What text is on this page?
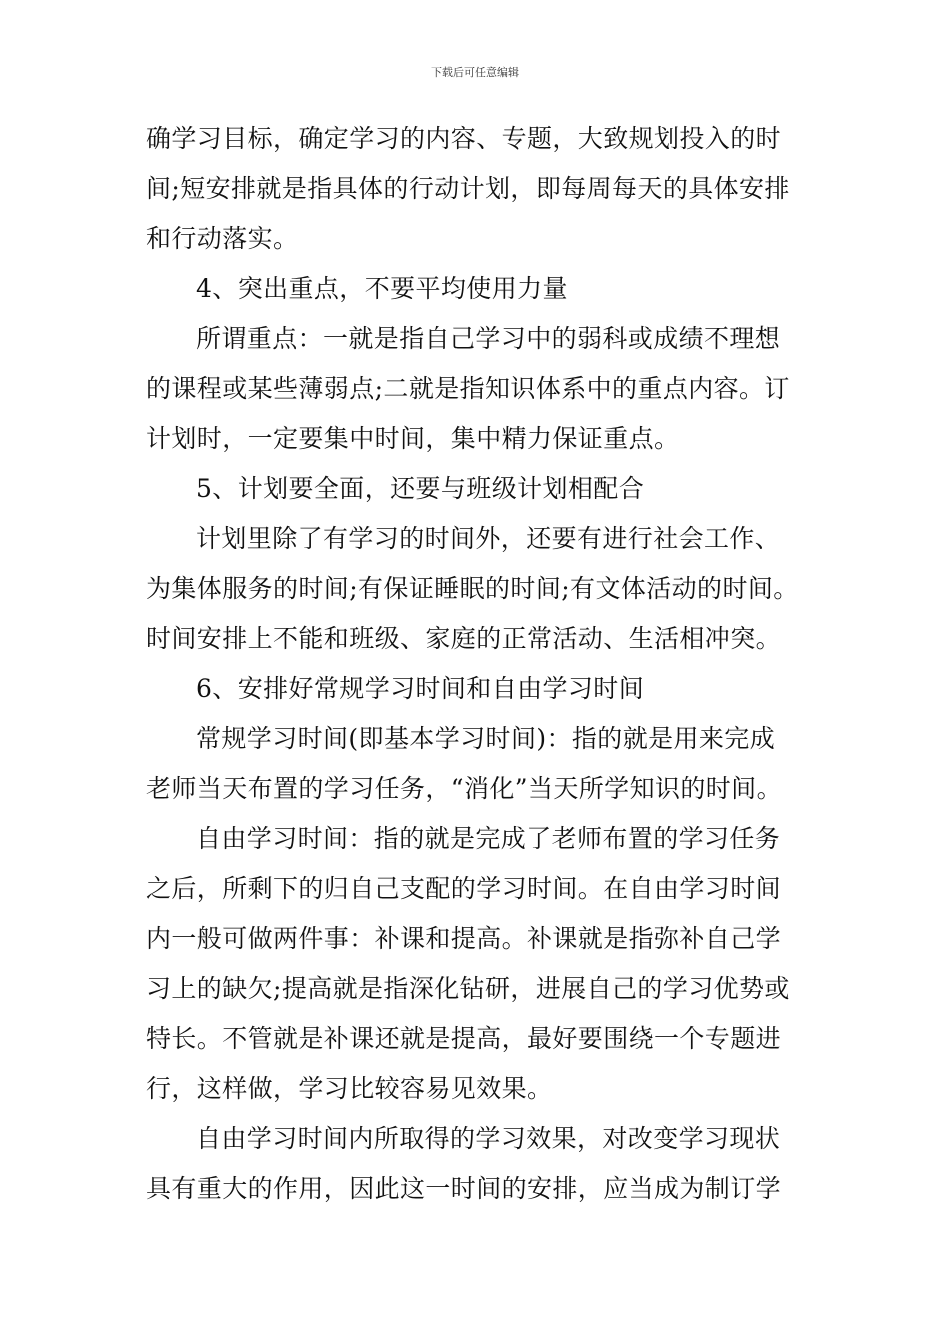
下载后可任意编辑
确学习目标，确定学习的内容、专题，大致规划投入的时
间;短安排就是指具体的行动计划，即每周每天的具体安排
和行动落实。
4、突出重点，不要平均使用力量
所谓重点：一就是指自己学习中的弱科或成绩不理想
的课程或某些薄弱点;二就是指知识体系中的重点内容。订
计划时，一定要集中时间，集中精力保证重点。
5、计划要全面，还要与班级计划相配合
计划里除了有学习的时间外，还要有进行社会工作、
为集体服务的时间;有保证睡眠的时间;有文体活动的时间。
时间安排上不能和班级、家庭的正常活动、生活相冲突。
6、安排好常规学习时间和自由学习时间
常规学习时间(即基本学习时间)：指的就是用来完成
老师当天布置的学习任务，“消化”当天所学知识的时间。
自由学习时间：指的就是完成了老师布置的学习任务
之后，所剩下的归自己支配的学习时间。在自由学习时间
内一般可做两件事：补课和提高。补课就是指弥补自己学
习上的缺欠;提高就是指深化钻研，进展自己的学习优势或
特长。不管就是补课还就是提高，最好要围绕一个专题进
行，这样做，学习比较容易见效果。
自由学习时间内所取得的学习效果，对改变学习现状
具有重大的作用，因此这一时间的安排，应当成为制订学
